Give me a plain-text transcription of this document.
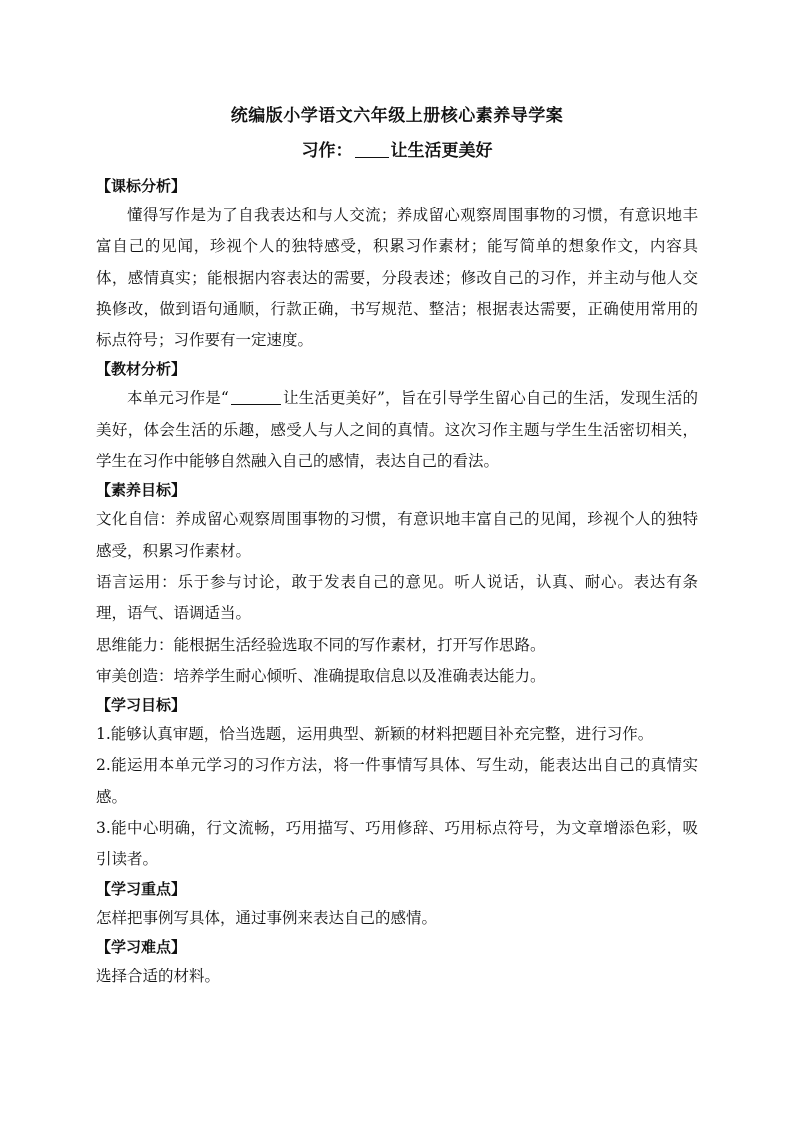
统编版小学语文六年级上册核心素养导学案
习作： 让生活更美好

【课标分析】

懂得写作是为了自我表达和与人交流；养成留心观察周围事物的习惯，有意识地丰富自己的见闻，珍视个人的独特感受，积累习作素材；能写简单的想象作文，内容具体，感情真实；能根据内容表达的需要，分段表述；修改自己的习作，并主动与他人交换修改，做到语句通顺，行款正确，书写规范、整洁；根据表达需要，正确使用常用的标点符号；习作要有一定速度。

【教材分析】

本单元习作是“	让生活更美好”，旨在引导学生留心自己的生活，发现生活的美好，体会生活的乐趣，感受人与人之间的真情。这次习作主题与学生生活密切相关，学生在习作中能够自然融入自己的感情，表达自己的看法。

【素养目标】

文化自信：养成留心观察周围事物的习惯，有意识地丰富自己的见闻，珍视个人的独特感受，积累习作素材。

语言运用：乐于参与讨论，敢于发表自己的意见。听人说话，认真、耐心。表达有条理，语气、语调适当。

思维能力：能根据生活经验选取不同的写作素材，打开写作思路。

审美创造：培养学生耐心倾听、准确提取信息以及准确表达能力。

【学习目标】

1.能够认真审题，恰当选题，运用典型、新颖的材料把题目补充完整，进行习作。

2.能运用本单元学习的习作方法，将一件事情写具体、写生动，能表达出自己的真情实感。

3.能中心明确，行文流畅，巧用描写、巧用修辞、巧用标点符号，为文章增添色彩，吸引读者。

【学习重点】

怎样把事例写具体，通过事例来表达自己的感情。

【学习难点】

选择合适的材料。
